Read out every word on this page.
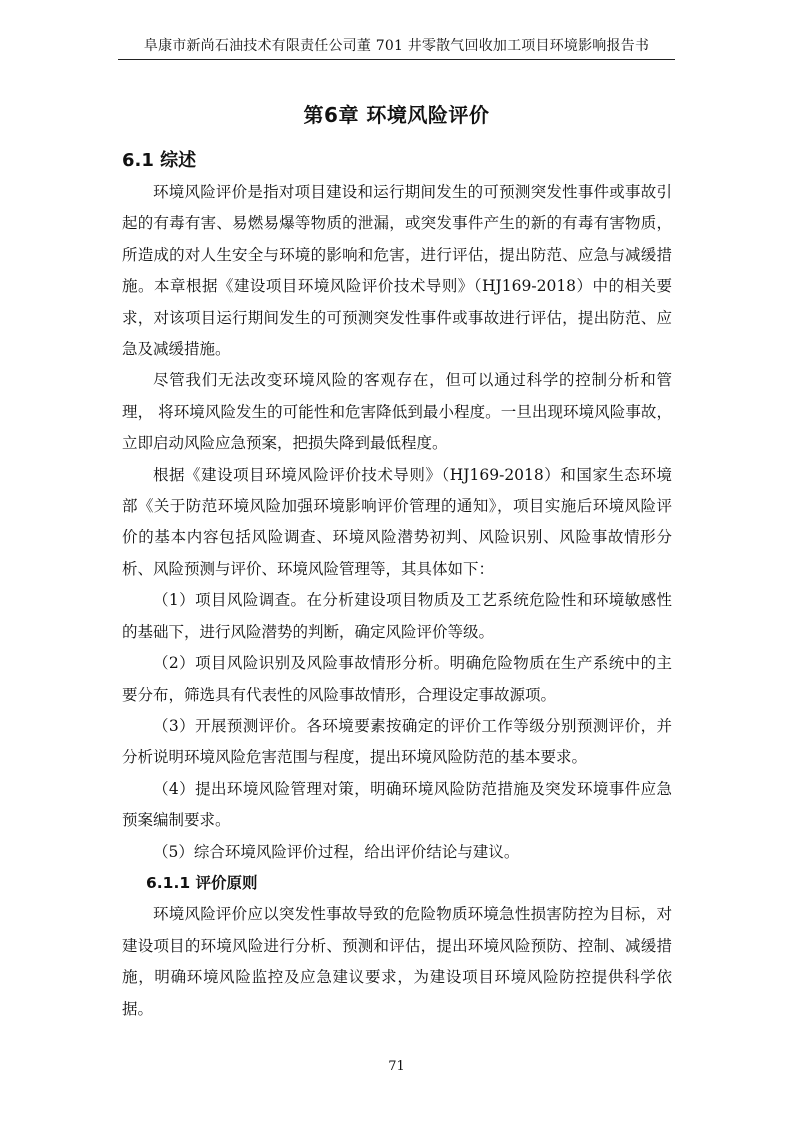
阜康市新尚石油技术有限责任公司董 701 井零散气回收加工项目环境影响报告书
第6章 环境风险评价
6.1 综述

环境风险评价是指对项目建设和运行期间发生的可预测突发性事件或事故引起的有毒有害、易燃易爆等物质的泄漏，或突发事件产生的新的有毒有害物质，所造成的对人生安全与环境的影响和危害，进行评估，提出防范、应急与减缓措施。本章根据《建设项目环境风险评价技术导则》（HJ169-2018）中的相关要求，对该项目运行期间发生的可预测突发性事件或事故进行评估，提出防范、应急及减缓措施。

尽管我们无法改变环境风险的客观存在，但可以通过科学的控制分析和管理， 将环境风险发生的可能性和危害降低到最小程度。一旦出现环境风险事故，立即启动风险应急预案，把损失降到最低程度。

根据《建设项目环境风险评价技术导则》（HJ169-2018）和国家生态环境部《关于防范环境风险加强环境影响评价管理的通知》，项目实施后环境风险评价的基本内容包括风险调查、环境风险潜势初判、风险识别、风险事故情形分析、风险预测与评价、环境风险管理等，其具体如下：

（1）项目风险调查。在分析建设项目物质及工艺系统危险性和环境敏感性的基础下，进行风险潜势的判断，确定风险评价等级。

（2）项目风险识别及风险事故情形分析。明确危险物质在生产系统中的主要分布，筛选具有代表性的风险事故情形，合理设定事故源项。

（3）开展预测评价。各环境要素按确定的评价工作等级分别预测评价，并分析说明环境风险危害范围与程度，提出环境风险防范的基本要求。

（4）提出环境风险管理对策，明确环境风险防范措施及突发环境事件应急预案编制要求。

（5）综合环境风险评价过程，给出评价结论与建议。

6.1.1 评价原则

环境风险评价应以突发性事故导致的危险物质环境急性损害防控为目标，对建设项目的环境风险进行分析、预测和评估，提出环境风险预防、控制、减缓措施，明确环境风险监控及应急建议要求，为建设项目环境风险防控提供科学依据。

71
